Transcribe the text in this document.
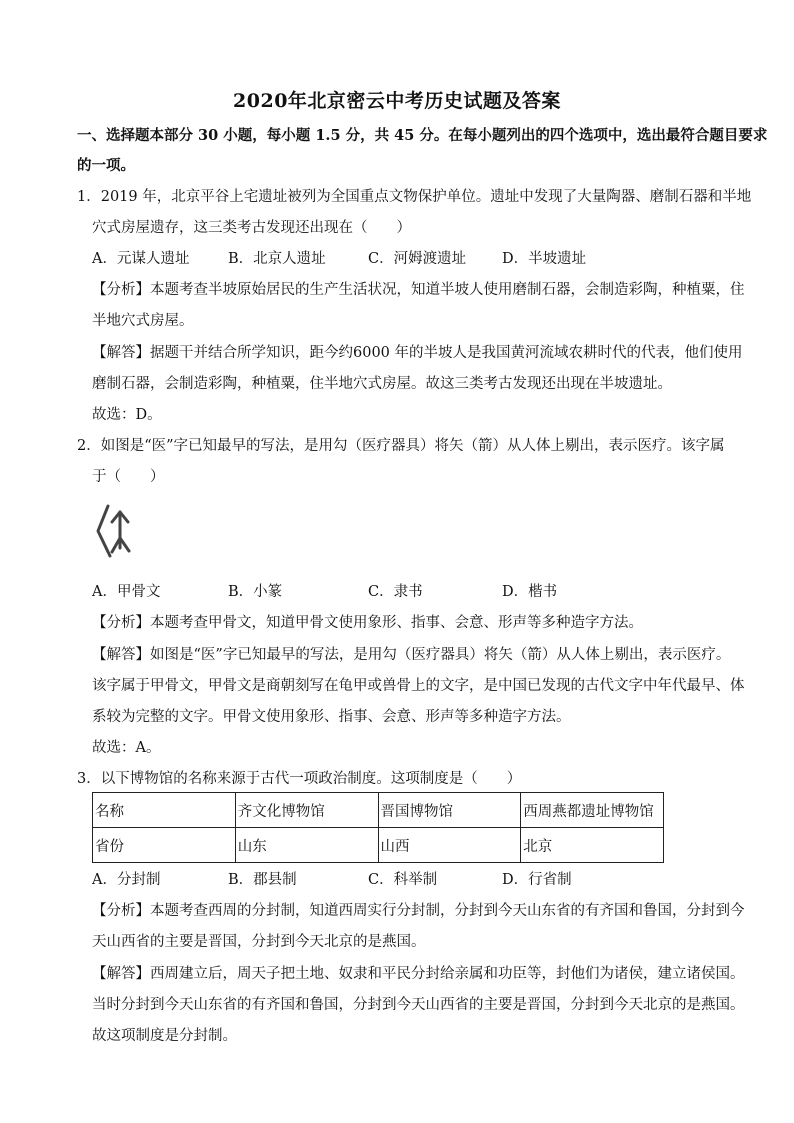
2020年北京密云中考历史试题及答案
一、选择题本部分 30 小题，每小题 1.5 分，共 45 分。在每小题列出的四个选项中，选出最符合题目要求
的一项。
1．2019 年，北京平谷上宅遗址被列为全国重点文物保护单位。遗址中发现了大量陶器、磨制石器和半地
穴式房屋遗存，这三类考古发现还出现在（　　）
A．元谋人遗址	B．北京人遗址	C．河姆渡遗址 D．半坡遗址
【分析】本题考查半坡原始居民的生产生活状况，知道半坡人使用磨制石器，会制造彩陶，种植粟，住
半地穴式房屋。
【解答】据题干并结合所学知识，距今约6000 年的半坡人是我国黄河流域农耕时代的代表，他们使用
磨制石器，会制造彩陶，种植粟，住半地穴式房屋。故这三类考古发现还出现在半坡遗址。
故选：D。
2．如图是“医”字已知最早的写法，是用勾（医疗器具）将矢（箭）从人体上剔出，表示医疗。该字属
于（　　）
A．甲骨文	B．小篆	C．隶书	D．楷书
【分析】本题考查甲骨文，知道甲骨文使用象形、指事、会意、形声等多种造字方法。
【解答】如图是“医”字已知最早的写法，是用勾（医疗器具）将矢（箭）从人体上剔出，表示医疗。
该字属于甲骨文，甲骨文是商朝刻写在龟甲或兽骨上的文字，是中国已发现的古代文字中年代最早、体
系较为完整的文字。甲骨文使用象形、指事、会意、形声等多种造字方法。
故选：A。
3．以下博物馆的名称来源于古代一项政治制度。这项制度是（　　）
名称	齐文化博物馆	晋国博物馆	西周燕都遗址博物馆
省份	山东	山西	北京
A．分封制	B．郡县制	C．科举制	D．行省制
【分析】本题考查西周的分封制，知道西周实行分封制，分封到今天山东省的有齐国和鲁国，分封到今
天山西省的主要是晋国，分封到今天北京的是燕国。
【解答】西周建立后，周天子把土地、奴隶和平民分封给亲属和功臣等，封他们为诸侯，建立诸侯国。
当时分封到今天山东省的有齐国和鲁国，分封到今天山西省的主要是晋国，分封到今天北京的是燕国。
故这项制度是分封制。
